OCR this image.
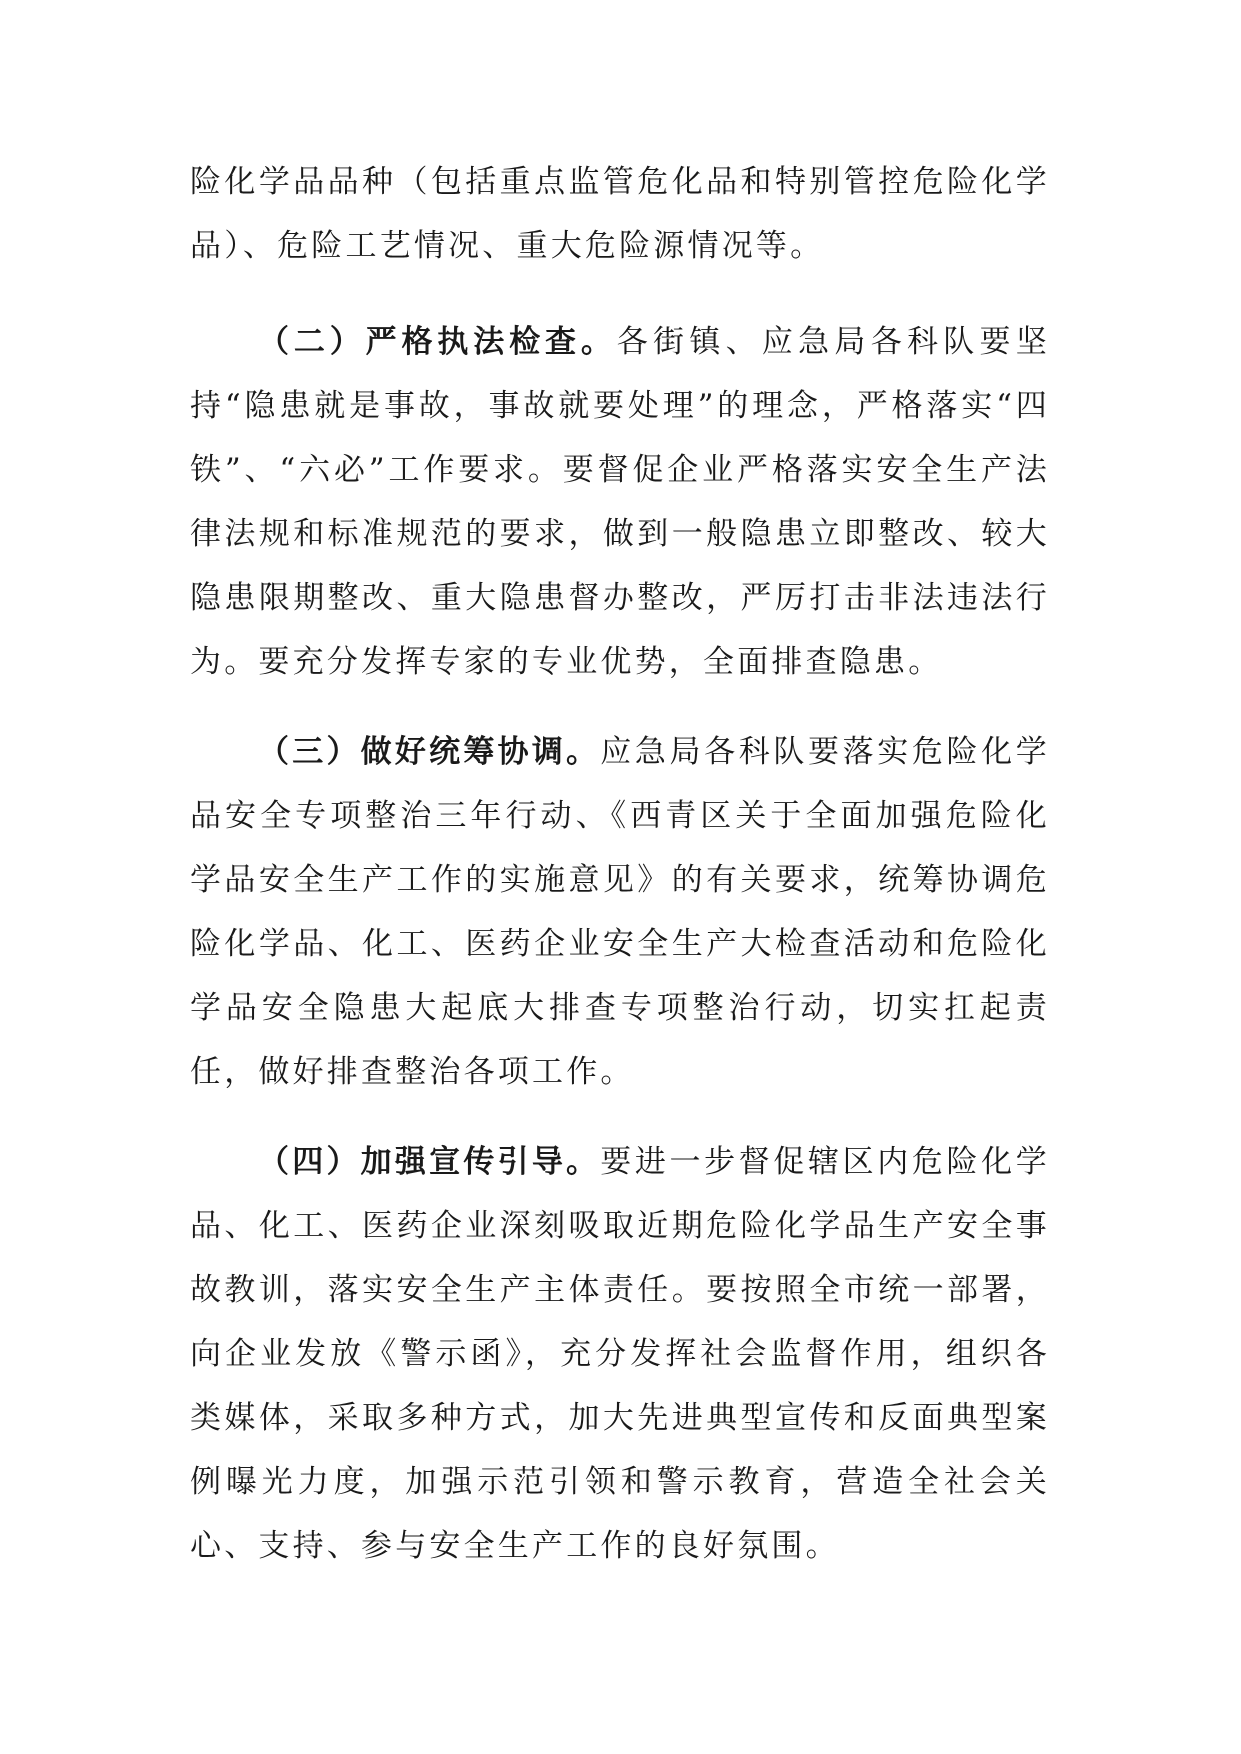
险化学品品种（包括重点监管危化品和特别管控危险化学品）、危险工艺情况、重大危险源情况等。

（二）严格执法检查。各街镇、应急局各科队要坚持“隐患就是事故，事故就要处理”的理念，严格落实“四铁”、“六必”工作要求。要督促企业严格落实安全生产法律法规和标准规范的要求，做到一般隐患立即整改、较大隐患限期整改、重大隐患督办整改，严厉打击非法违法行为。要充分发挥专家的专业优势，全面排查隐患。

（三）做好统筹协调。应急局各科队要落实危险化学品安全专项整治三年行动、《西青区关于全面加强危险化学品安全生产工作的实施意见》的有关要求，统筹协调危险化学品、化工、医药企业安全生产大检查活动和危险化学品安全隐患大起底大排查专项整治行动，切实扛起责任，做好排查整治各项工作。

（四）加强宣传引导。要进一步督促辖区内危险化学品、化工、医药企业深刻吸取近期危险化学品生产安全事故教训，落实安全生产主体责任。要按照全市统一部署，向企业发放《警示函》，充分发挥社会监督作用，组织各类媒体，采取多种方式，加大先进典型宣传和反面典型案例曝光力度，加强示范引领和警示教育，营造全社会关心、支持、参与安全生产工作的良好氛围。
